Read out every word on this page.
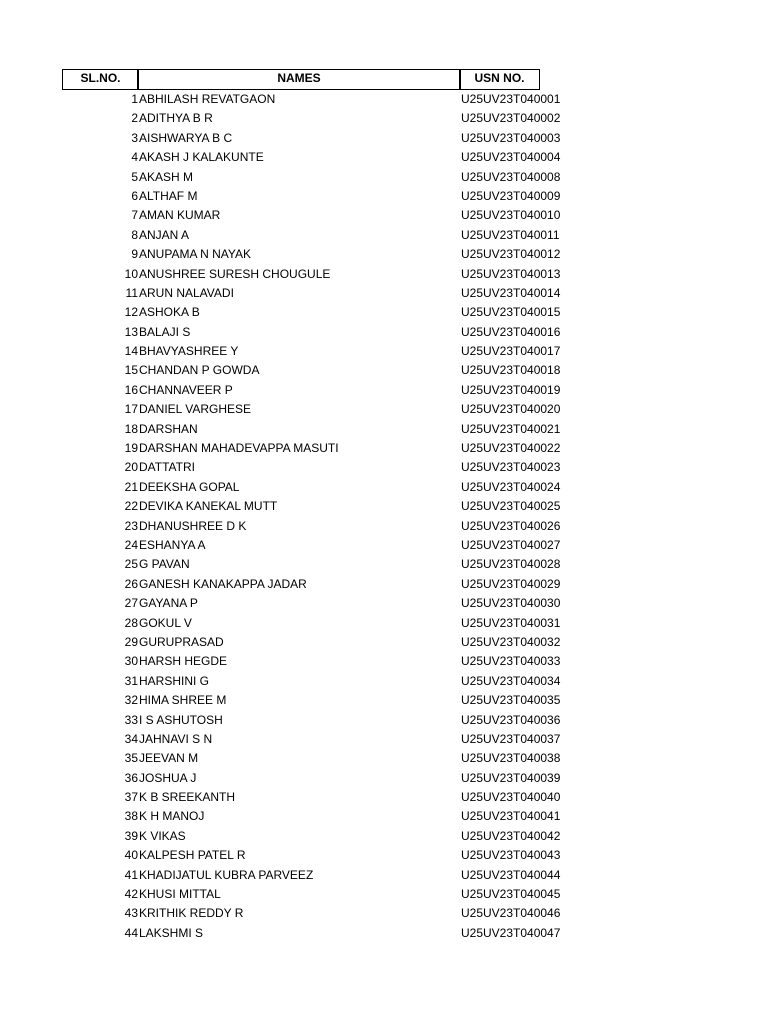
SL.NO.	NAMES	USN NO.
1 ABHILASH REVATGAON	U25UV23T040001
2 ADITHYA B R	U25UV23T040002
3 AISHWARYA B C	U25UV23T040003
4 AKASH J KALAKUNTE	U25UV23T040004
5 AKASH M	U25UV23T040008
6 ALTHAF M	U25UV23T040009
7 AMAN KUMAR	U25UV23T040010
8 ANJAN A	U25UV23T040011
9 ANUPAMA N NAYAK	U25UV23T040012
10 ANUSHREE SURESH CHOUGULE	U25UV23T040013
11 ARUN NALAVADI	U25UV23T040014
12 ASHOKA B	U25UV23T040015
13 BALAJI S	U25UV23T040016
14 BHAVYASHREE Y	U25UV23T040017
15 CHANDAN P GOWDA	U25UV23T040018
16 CHANNAVEER P	U25UV23T040019
17 DANIEL VARGHESE	U25UV23T040020
18 DARSHAN	U25UV23T040021
19 DARSHAN MAHADEVAPPA MASUTI	U25UV23T040022
20 DATTATRI	U25UV23T040023
21 DEEKSHA GOPAL	U25UV23T040024
22 DEVIKA KANEKAL MUTT	U25UV23T040025
23 DHANUSHREE D K	U25UV23T040026
24 ESHANYA A	U25UV23T040027
25 G PAVAN	U25UV23T040028
26 GANESH KANAKAPPA JADAR	U25UV23T040029
27 GAYANA P	U25UV23T040030
28 GOKUL V	U25UV23T040031
29 GURUPRASAD	U25UV23T040032
30 HARSH HEGDE	U25UV23T040033
31 HARSHINI G	U25UV23T040034
32 HIMA SHREE M	U25UV23T040035
33 I S ASHUTOSH	U25UV23T040036
34 JAHNAVI S N	U25UV23T040037
35 JEEVAN M	U25UV23T040038
36 JOSHUA J	U25UV23T040039
37 K B SREEKANTH	U25UV23T040040
38 K H MANOJ	U25UV23T040041
39 K VIKAS	U25UV23T040042
40 KALPESH PATEL R	U25UV23T040043
41 KHADIJATUL KUBRA PARVEEZ	U25UV23T040044
42 KHUSI MITTAL	U25UV23T040045
43 KRITHIK REDDY R	U25UV23T040046
44 LAKSHMI S	U25UV23T040047
